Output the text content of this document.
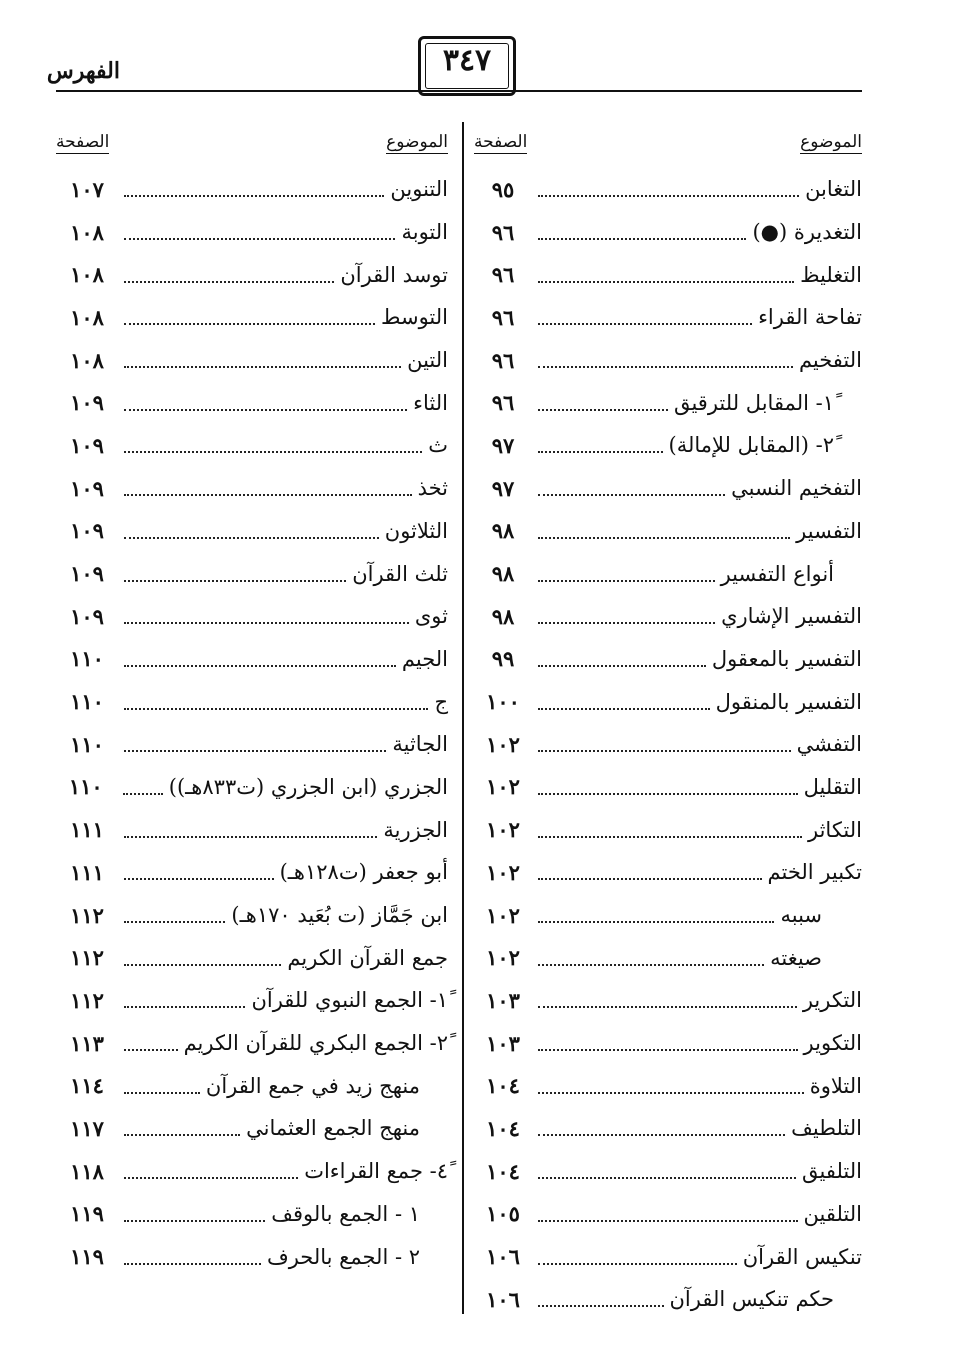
الفهرس	٣٤٧
الموضوع
الصفحة
التغابن
٩٥
التغديرة (●)
٩٦
التغليظ
٩٦
تفاحة القراء
٩٦
التفخيم
٩٦
١ً- المقابل للترقيق
٩٦
٢ً- (المقابل للإمالة)
٩٧
التفخيم النسبي
٩٧
التفسير
٩٨
أنواع التفسير
٩٨
التفسير الإشاري
٩٨
التفسير بالمعقول
٩٩
التفسير بالمنقول
١٠٠
التفشي
١٠٢
التقليل
١٠٢
التكاثر
١٠٢
تكبير الختم
١٠٢
سببه
١٠٢
صيغته
١٠٢
التكرير
١٠٣
التكوير
١٠٣
التلاوة
١٠٤
التلطيف
١٠٤
التلفيق
١٠٤
التلقين
١٠٥
تنكيس القرآن
١٠٦
حكم تنكيس القرآن
١٠٦
الموضوع
الصفحة
التنوين
١٠٧
التوبة
١٠٨
توسد القرآن
١٠٨
التوسط
١٠٨
التين
١٠٨
الثاء
١٠٩
ث
١٠٩
ثخذ
١٠٩
الثلاثون
١٠٩
ثلث القرآن
١٠٩
ثوى
١٠٩
الجيم
١١٠
ج
١١٠
الجاثية
١١٠
الجزري (ابن الجزري (ت٨٣٣هـ))
١١٠
الجزرية
١١١
أبو جعفر (ت١٢٨هـ)
١١١
ابن جَمَّاز (ت بُعَيد ١٧٠هـ)
١١٢
جمع القرآن الكريم
١١٢
١ً- الجمع النبوي للقرآن
١١٢
٢ً- الجمع البكري للقرآن الكريم
١١٣
منهج زيد في جمع القرآن
١١٤
منهج الجمع العثماني
١١٧
٤ً- جمع القراءات
١١٨
١ - الجمع بالوقف
١١٩
٢ - الجمع بالحرف
١١٩
